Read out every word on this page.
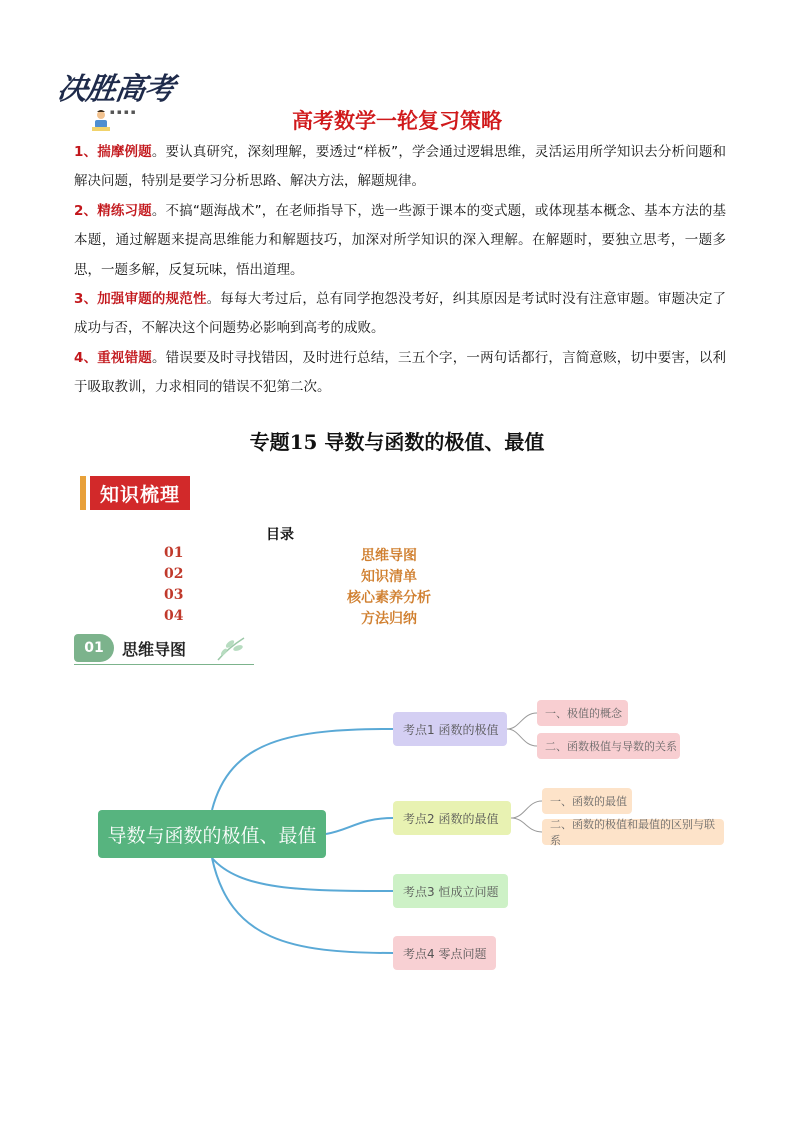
决胜高考
▪ ▪ ▪ ▪	高考数学一轮复习策略

1、揣摩例题。要认真研究，深刻理解，要透过“样板”，学会通过逻辑思维，灵活运用所学知识去分析问题和解决问题，特别是要学习分析思路、解决方法，解题规律。

2、精练习题。不搞“题海战术”，在老师指导下，选一些源于课本的变式题，或体现基本概念、基本方法的基本题，通过解题来提高思维能力和解题技巧，加深对所学知识的深入理解。在解题时，要独立思考，一题多思，一题多解，反复玩味，悟出道理。

3、加强审题的规范性。每每大考过后，总有同学抱怨没考好，纠其原因是考试时没有注意审题。审题决定了成功与否，不解决这个问题势必影响到高考的成败。

4、重视错题。错误要及时寻找错因，及时进行总结，三五个字，一两句话都行，言简意赅，切中要害，以利于吸取教训，力求相同的错误不犯第二次。

专题15 导数与函数的极值、最值
知识梳理
目录
01	思维导图
02	知识清单
03	核心素养分析
04	方法归纳
01	思维导图
导数与函数的极值、最值
考点1 函数的极值
考点2 函数的最值
考点3 恒成立问题
考点4 零点问题
一、极值的概念
二、函数极值与导数的关系
一、函数的最值
二、函数的极值和最值的区别与联系
